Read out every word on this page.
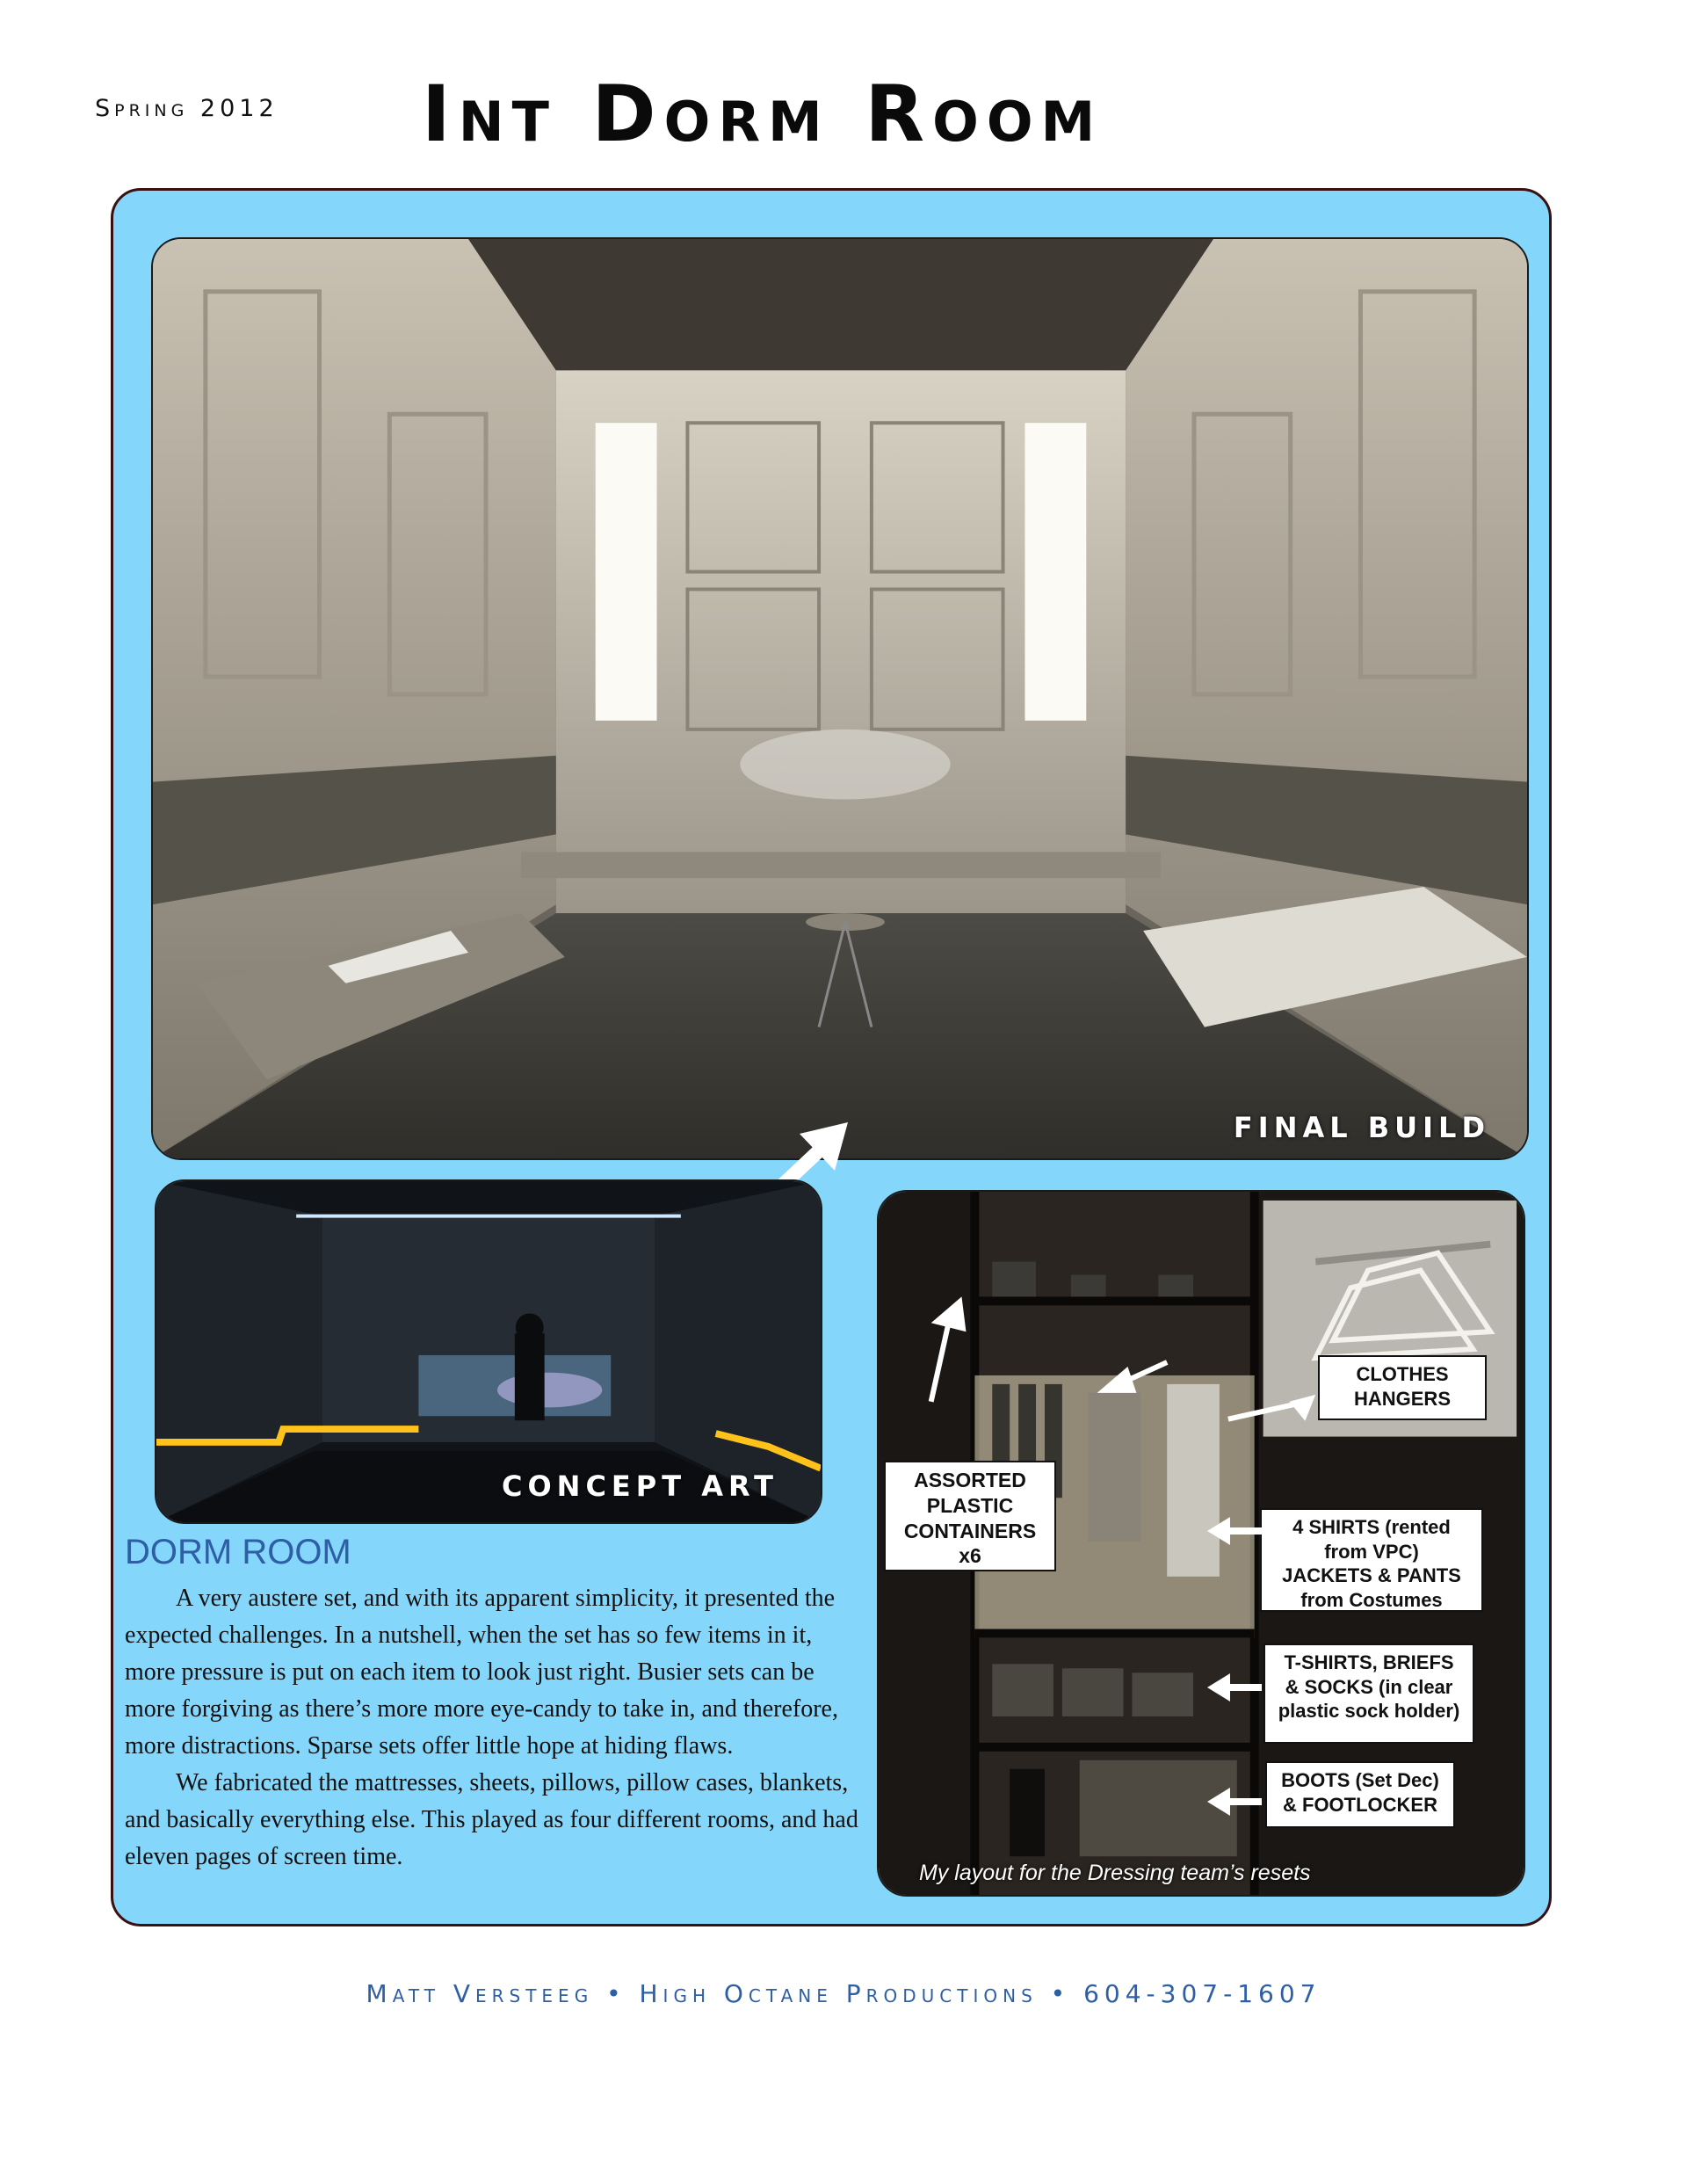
Spring 2012 Int Dorm Room
FINAL BUILD
CONCEPT ART
My layout for the Dressing team’s resets
CLOTHES
HANGERS
ASSORTED
PLASTIC
CONTAINERS
x6
4 SHIRTS (rented
from VPC)
JACKETS & PANTS
from Costumes
T-SHIRTS, BRIEFS
& SOCKS (in clear
plastic sock holder)
BOOTS (Set Dec)
& FOOTLOCKER
DORM ROOM

A very austere set, and with its apparent simplicity, it presented the expected challenges. In a nutshell, when the set has so few items in it, more pressure is put on each item to look just right. Busier sets can be more forgiving as there’s more more eye-candy to take in, and therefore, more distractions. Sparse sets offer little hope at hiding flaws.

We fabricated the mattresses, sheets, pillows, pillow cases, blankets, and basically everything else. This played as four different rooms, and had eleven pages of screen time.

Matt Versteeg • High Octane Productions • 604-307-1607
